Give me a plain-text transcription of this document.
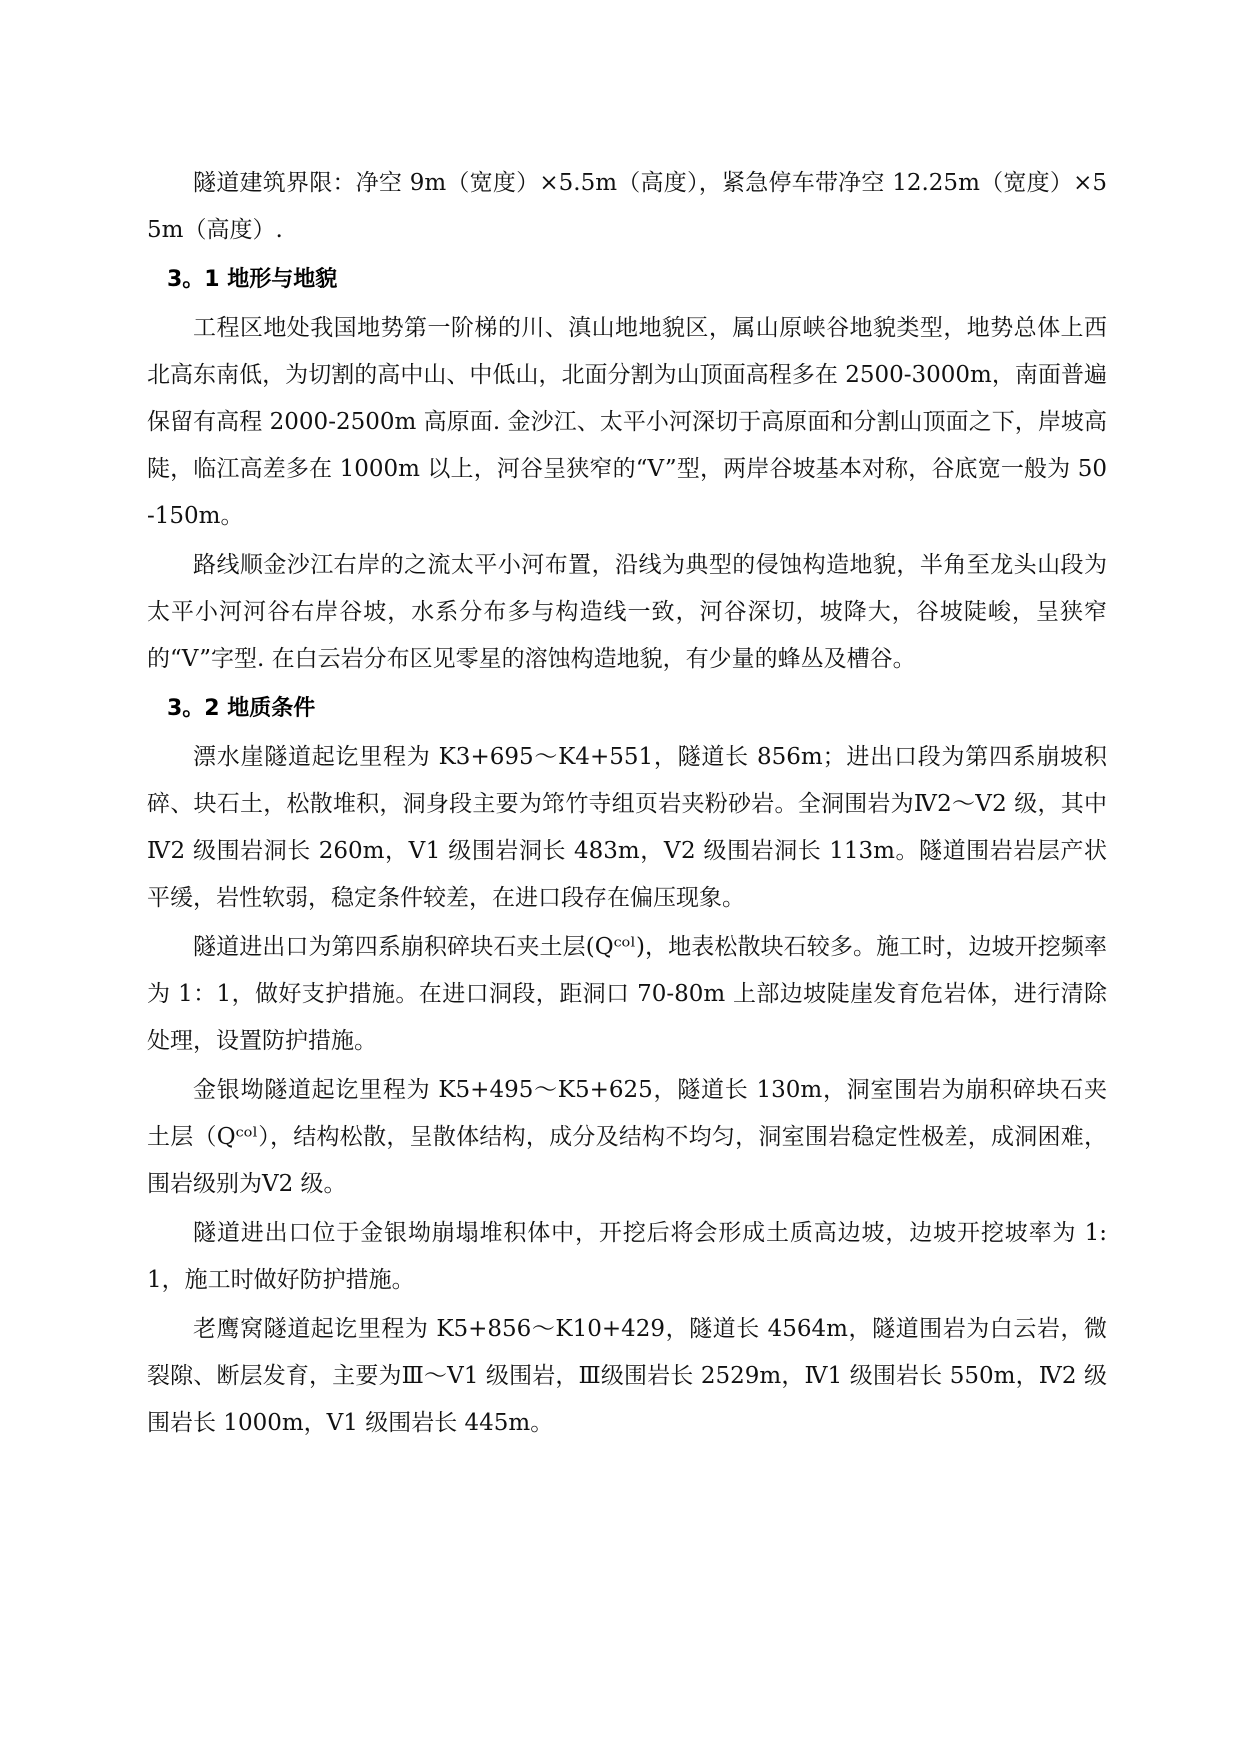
隧道建筑界限：净空 9m（宽度）×5.5m（高度），紧急停车带净空 12.25m（宽度）×55m（高度）.

3。1 地形与地貌

工程区地处我国地势第一阶梯的川、滇山地地貌区，属山原峡谷地貌类型，地势总体上西北高东南低，为切割的高中山、中低山，北面分割为山顶面高程多在 2500-3000m，南面普遍保留有高程 2000-2500m 高原面. 金沙江、太平小河深切于高原面和分割山顶面之下，岸坡高陡，临江高差多在 1000m 以上，河谷呈狭窄的“V”型，两岸谷坡基本对称，谷底宽一般为 50-150m。

路线顺金沙江右岸的之流太平小河布置，沿线为典型的侵蚀构造地貌，半角至龙头山段为太平小河河谷右岸谷坡，水系分布多与构造线一致，河谷深切，坡降大，谷坡陡峻，呈狭窄的“V”字型. 在白云岩分布区见零星的溶蚀构造地貌，有少量的蜂丛及槽谷。

3。2 地质条件

漂水崖隧道起讫里程为 K3+695～K4+551，隧道长 856m；进出口段为第四系崩坡积碎、块石土，松散堆积，洞身段主要为筇竹寺组页岩夹粉砂岩。全洞围岩为Ⅳ2～Ⅴ2 级，其中Ⅳ2 级围岩洞长 260m，Ⅴ1 级围岩洞长 483m，Ⅴ2 级围岩洞长 113m。隧道围岩岩层产状平缓，岩性软弱，稳定条件较差，在进口段存在偏压现象。

隧道进出口为第四系崩积碎块石夹土层(Qᶜᵒˡ)，地表松散块石较多。施工时，边坡开挖频率为 1：1，做好支护措施。在进口洞段，距洞口 70-80m 上部边坡陡崖发育危岩体，进行清除处理，设置防护措施。

金银坳隧道起讫里程为 K5+495～K5+625，隧道长 130m，洞室围岩为崩积碎块石夹土层（Qᶜᵒˡ），结构松散，呈散体结构，成分及结构不均匀，洞室围岩稳定性极差，成洞困难，围岩级别为Ⅴ2 级。

隧道进出口位于金银坳崩塌堆积体中，开挖后将会形成土质高边坡，边坡开挖坡率为 1:1，施工时做好防护措施。

老鹰窝隧道起讫里程为 K5+856～K10+429，隧道长 4564m，隧道围岩为白云岩，微裂隙、断层发育，主要为Ⅲ～Ⅴ1 级围岩，Ⅲ级围岩长 2529m，Ⅳ1 级围岩长 550m，Ⅳ2 级围岩长 1000m，Ⅴ1 级围岩长 445m。
